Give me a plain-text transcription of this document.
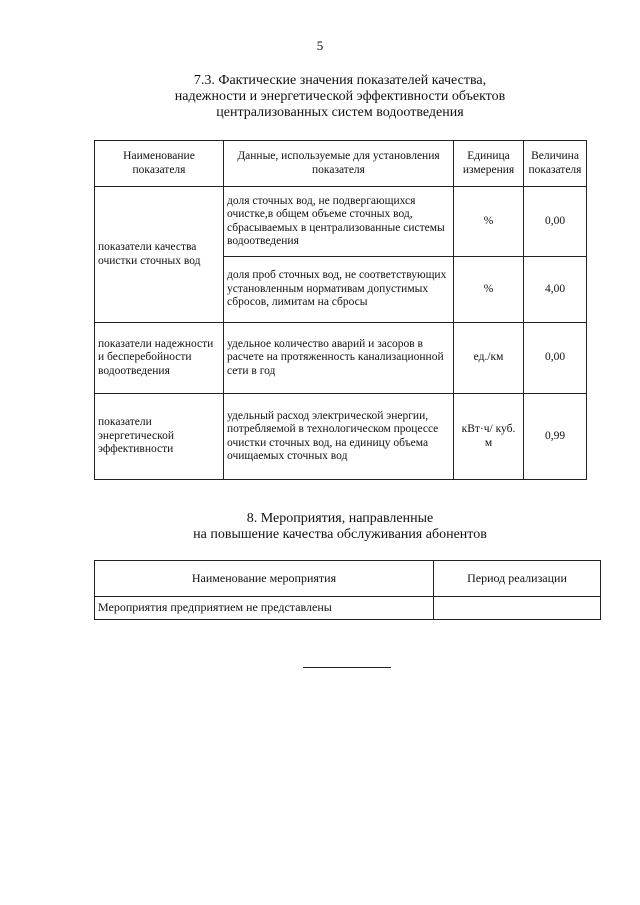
5
7.3. Фактические значения показателей качества,
надежности и энергетической эффективности объектов
централизованных систем водоотведения
Наименование показателя	Данные, используемые для установления показателя	Единица измерения	Величина показателя
показатели качества очистки сточных вод	доля сточных вод, не подвергающихся очистке,в общем объеме сточных вод, сбрасываемых в централизованные системы водоотведения	%	0,00
	доля проб сточных вод, не соответствующих установленным нормативам допустимых сбросов, лимитам на сбросы	%	4,00
показатели надежности и бесперебойности водоотведения	удельное количество аварий и засоров в расчете на протяженность канализационной сети в год	ед./км	0,00
показатели энергетической эффективности	удельный расход электрической энергии, потребляемой в технологическом процессе очистки сточных вод, на единицу объема очищаемых сточных вод	кВт·ч/ куб. м	0,99
8. Мероприятия, направленные
на повышение качества обслуживания абонентов
Наименование мероприятия	Период реализации
Мероприятия предприятием не представлены	
